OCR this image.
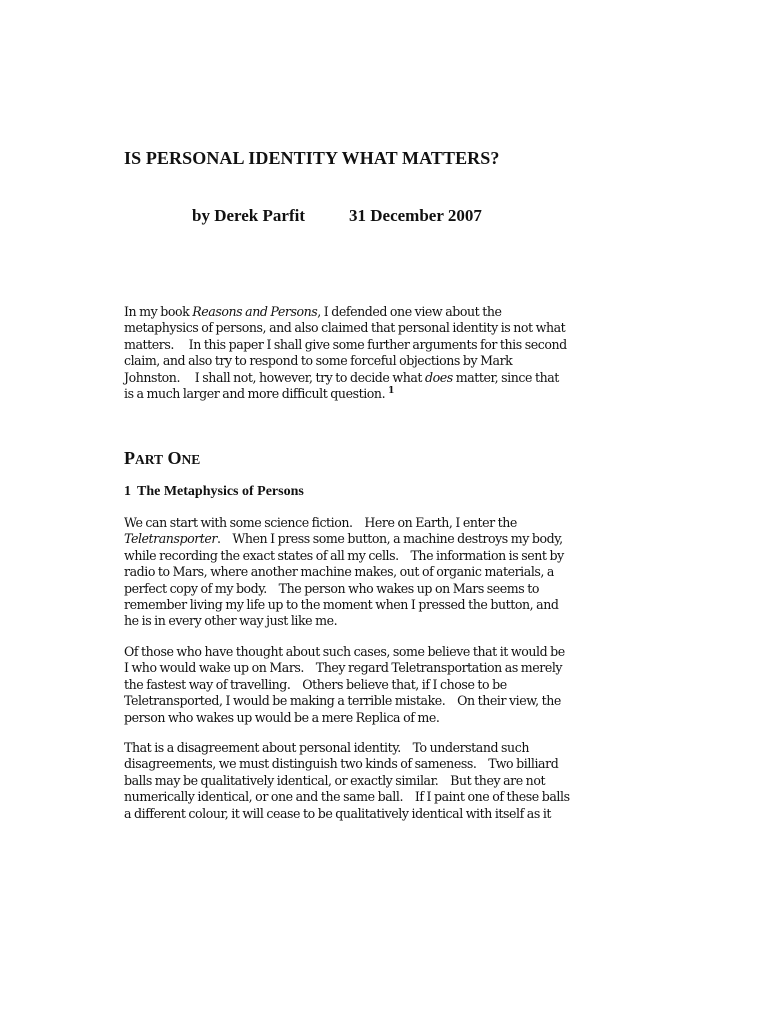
IS PERSONAL IDENTITY WHAT MATTERS?
by Derek Parfit	31 December 2007
In my book Reasons and Persons, I defended one view about the
metaphysics of persons, and also claimed that personal identity is not what
matters.     In this paper I shall give some further arguments for this second
claim, and also try to respond to some forceful objections by Mark
Johnston.     I shall not, however, try to decide what does matter, since that
is a much larger and more difficult question. $^1$
PART ONE
1 The Metaphysics of Persons
We can start with some science fiction.    Here on Earth, I enter the
Teletransporter.    When I press some button, a machine destroys my body,
while recording the exact states of all my cells.    The information is sent by
radio to Mars, where another machine makes, out of organic materials, a
perfect copy of my body.    The person who wakes up on Mars seems to
remember living my life up to the moment when I pressed the button, and
he is in every other way just like me.
Of those who have thought about such cases, some believe that it would be
I who would wake up on Mars.    They regard Teletransportation as merely
the fastest way of travelling.    Others believe that, if I chose to be
Teletransported, I would be making a terrible mistake.    On their view, the
person who wakes up would be a mere Replica of me.
That is a disagreement about personal identity.    To understand such
disagreements, we must distinguish two kinds of sameness.    Two billiard
balls may be qualitatively identical, or exactly similar.    But they are not
numerically identical, or one and the same ball.    If I paint one of these balls
a different colour, it will cease to be qualitatively identical with itself as it
